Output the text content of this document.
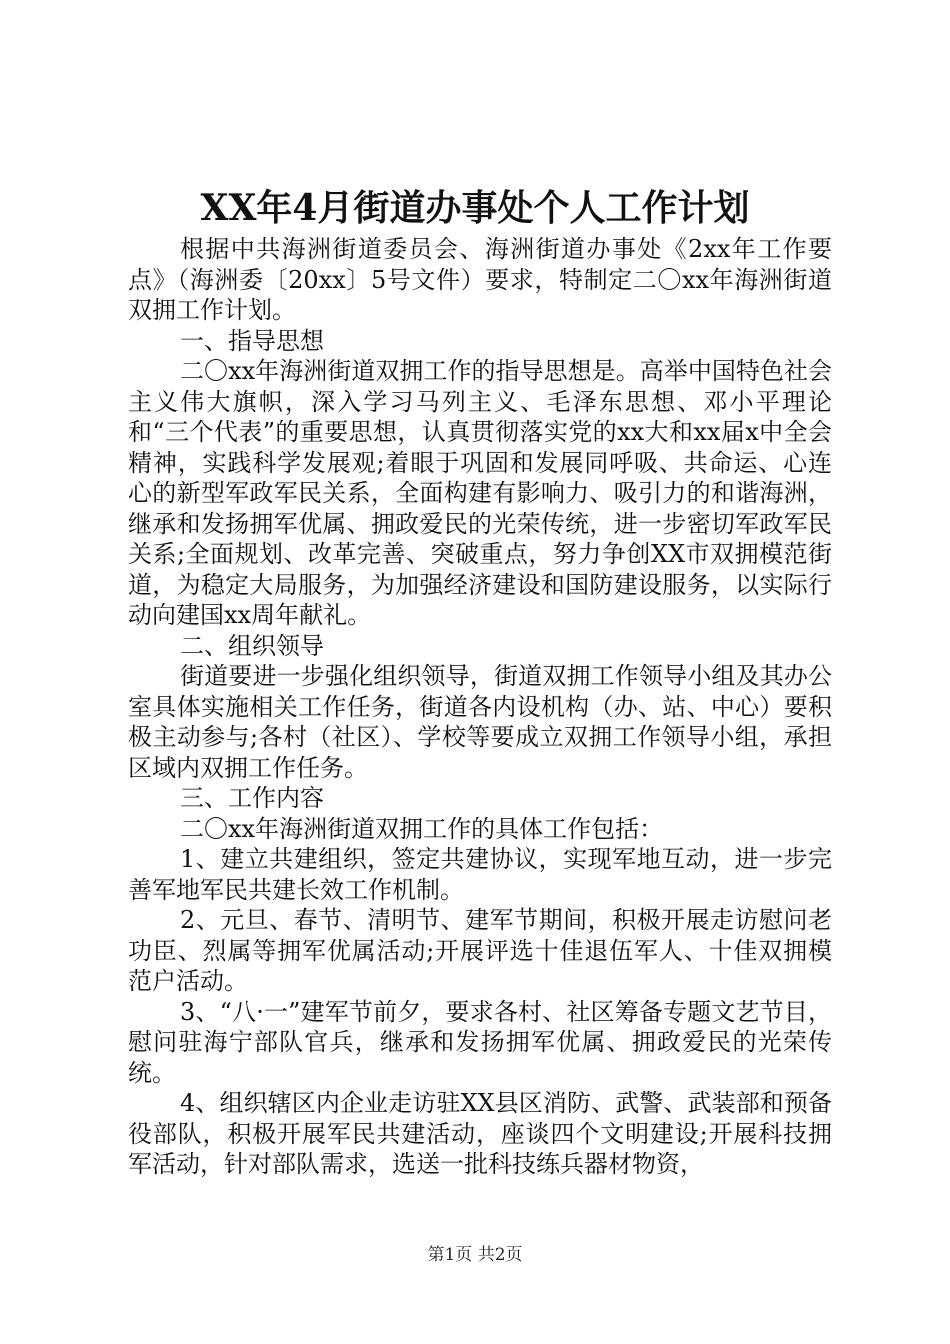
XX年4月街道办事处个人工作计划

根据中共海洲街道委员会、海洲街道办事处《2xx年工作要点》（海洲委〔20xx〕5号文件）要求，特制定二〇xx年海洲街道双拥工作计划。

一、指导思想

二〇xx年海洲街道双拥工作的指导思想是。高举中国特色社会主义伟大旗帜，深入学习马列主义、毛泽东思想、邓小平理论和“三个代表”的重要思想，认真贯彻落实党的xx大和xx届x中全会精神，实践科学发展观;着眼于巩固和发展同呼吸、共命运、心连心的新型军政军民关系，全面构建有影响力、吸引力的和谐海洲，继承和发扬拥军优属、拥政爱民的光荣传统，进一步密切军政军民关系;全面规划、改革完善、突破重点，努力争创XX市双拥模范街道，为稳定大局服务，为加强经济建设和国防建设服务，以实际行动向建国xx周年献礼。

二、组织领导

街道要进一步强化组织领导，街道双拥工作领导小组及其办公室具体实施相关工作任务，街道各内设机构（办、站、中心）要积极主动参与;各村（社区）、学校等要成立双拥工作领导小组，承担区域内双拥工作任务。

三、工作内容

二〇xx年海洲街道双拥工作的具体工作包括：

1、建立共建组织，签定共建协议，实现军地互动，进一步完善军地军民共建长效工作机制。

2、元旦、春节、清明节、建军节期间，积极开展走访慰问老功臣、烈属等拥军优属活动;开展评选十佳退伍军人、十佳双拥模范户活动。

3、“八·一”建军节前夕，要求各村、社区筹备专题文艺节目，慰问驻海宁部队官兵，继承和发扬拥军优属、拥政爱民的光荣传统。

4、组织辖区内企业走访驻XX县区消防、武警、武装部和预备役部队，积极开展军民共建活动，座谈四个文明建设;开展科技拥军活动，针对部队需求，选送一批科技练兵器材物资，

第1页 共2页
